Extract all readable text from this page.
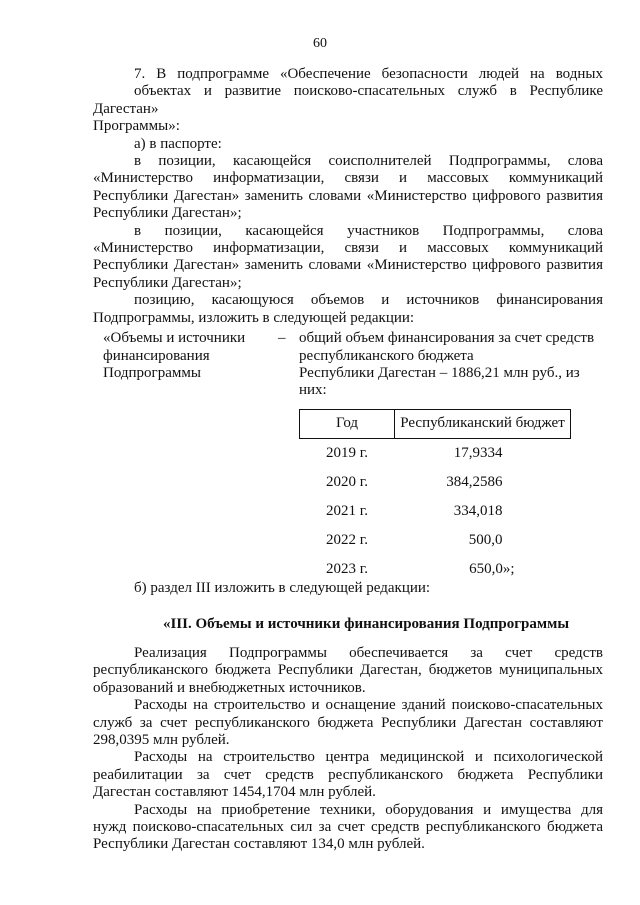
60

7. В подпрограмме «Обеспечение безопасности людей на водных
объектах и развитие поисково-спасательных служб в Республике Дагестан»
Программы»:

а) в паспорте:

в позиции, касающейся соисполнителей Подпрограммы, слова
«Министерство информатизации, связи и массовых коммуникаций
Республики Дагестан» заменить словами «Министерство цифрового развития
Республики Дагестан»;

в позиции, касающейся участников Подпрограммы, слова
«Министерство информатизации, связи и массовых коммуникаций
Республики Дагестан» заменить словами «Министерство цифрового развития
Республики Дагестан»;

позицию, касающуюся объемов и источников финансирования
Подпрограммы, изложить в следующей редакции:

«Объемы и источники
финансирования
Подпрограммы
– общий объем финансирования за счет средств
республиканского бюджета
Республики Дагестан – 1886,21 млн руб., из
них:
Год	Республиканский бюджет
2019 г.	17,9334
2020 г.	384,2586
2021 г.	334,018
2022 г.	500,0
2023 г.	650,0»;

б) раздел III изложить в следующей редакции:

«III. Объемы и источники финансирования Подпрограммы

Реализация Подпрограммы обеспечивается за счет средств
республиканского бюджета Республики Дагестан, бюджетов муниципальных
образований и внебюджетных источников.

Расходы на строительство и оснащение зданий поисково-спасательных
служб за счет республиканского бюджета Республики Дагестан составляют
298,0395 млн рублей.

Расходы на строительство центра медицинской и психологической
реабилитации за счет средств республиканского бюджета Республики
Дагестан составляют 1454,1704 млн рублей.

Расходы на приобретение техники, оборудования и имущества для
нужд поисково-спасательных сил за счет средств республиканского бюджета
Республики Дагестан составляют 134,0 млн рублей.
